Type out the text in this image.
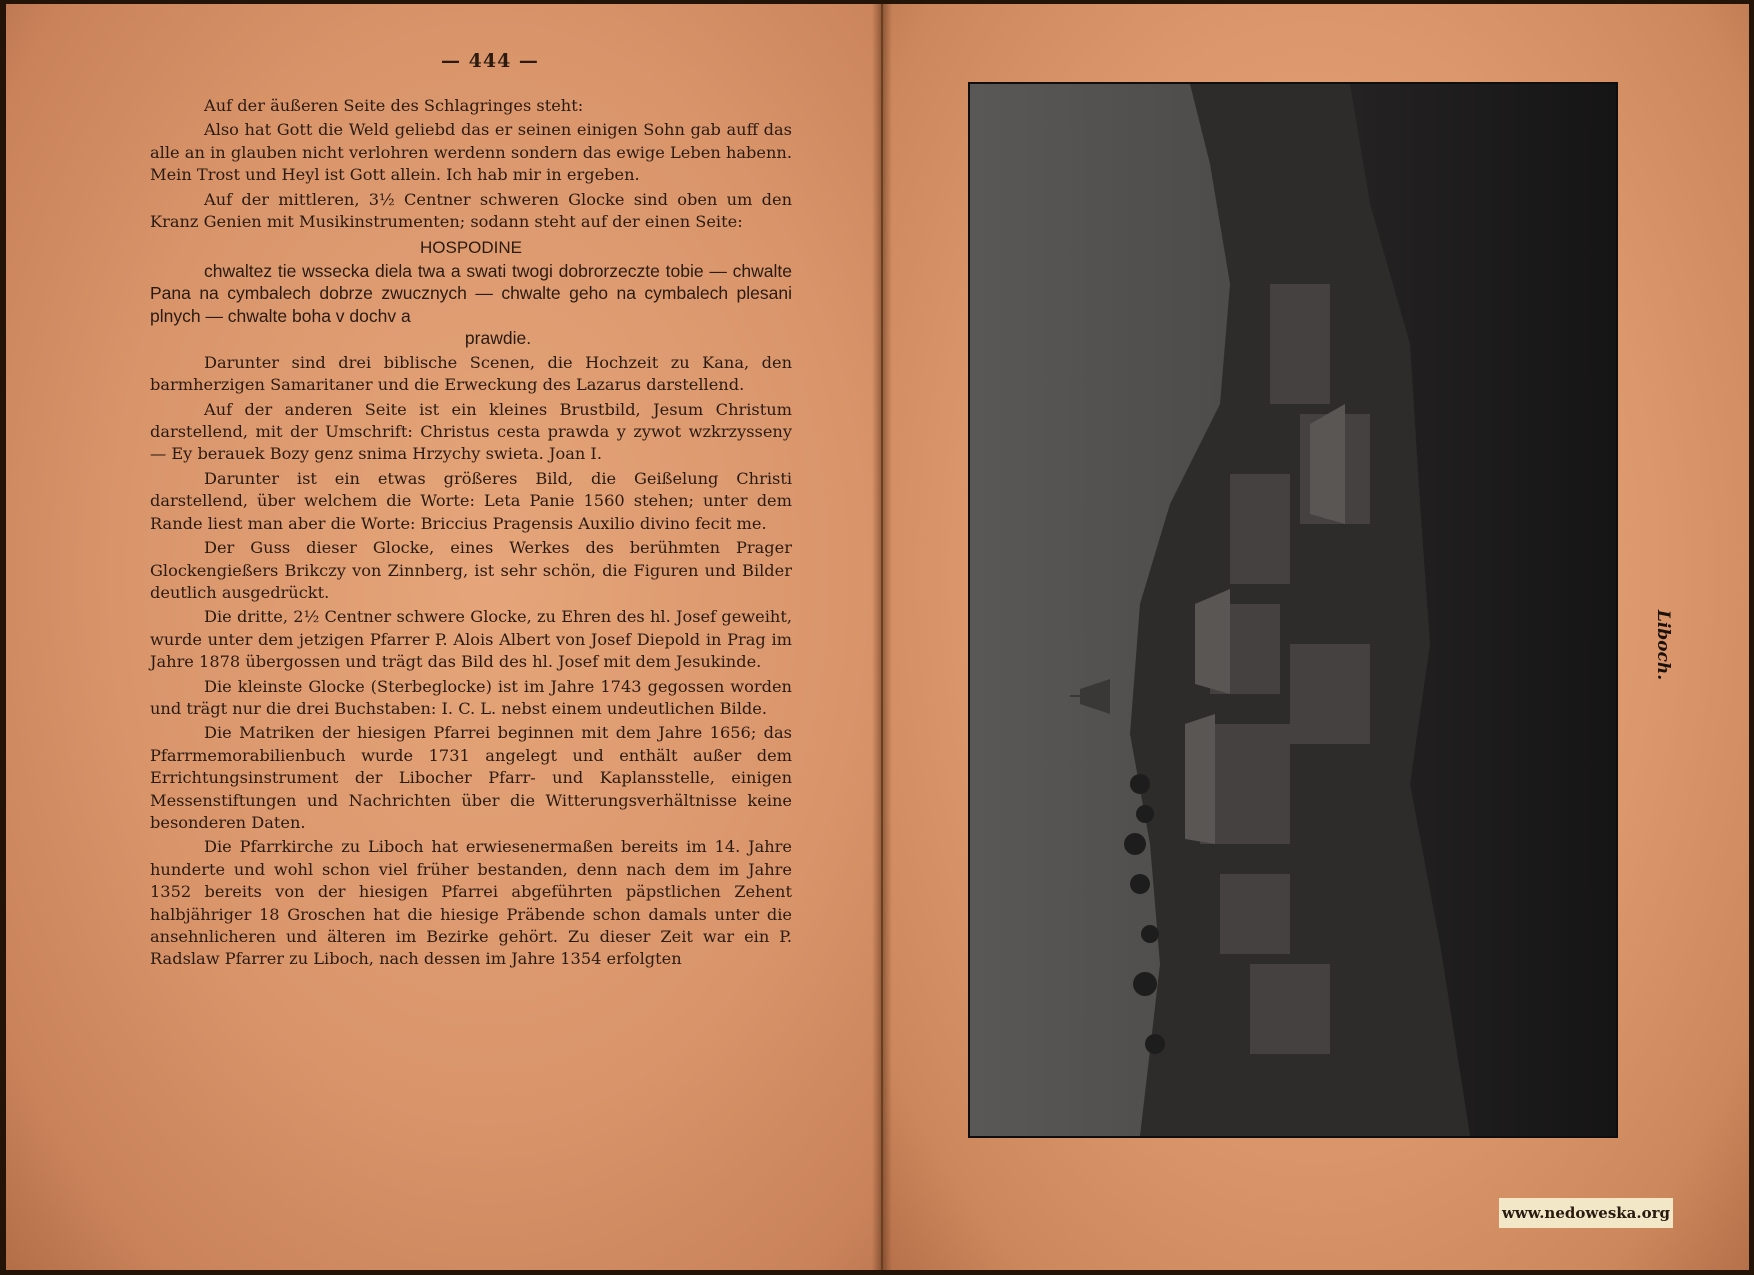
— 444 —

Auf der äußeren Seite des Schlagringes steht:

Also hat Gott die Weld geliebd das er seinen einigen Sohn gab auff das alle an in glauben nicht verlohren werdenn sondern das ewige Leben habenn. Mein Trost und Heyl ist Gott allein. Ich hab mir in ergeben.

Auf der mittleren, 3½ Centner schweren Glocke sind oben um den Kranz Genien mit Musikinstrumenten; sodann steht auf der einen Seite:

HOSPODINE

chwaltez tie wssecka diela twa a swati twogi dobrorzeczte tobie — chwalte Pana na cymbalech dobrze zwucznych — chwalte geho na cymbalech plesani plnych — chwalte boha v dochv a
prawdie.

Darunter sind drei biblische Scenen, die Hochzeit zu Kana, den barmherzigen Samaritaner und die Erweckung des Lazarus darstellend.

Auf der anderen Seite ist ein kleines Brustbild, Jesum Christum darstellend, mit der Umschrift: Christus cesta prawda y zywot wzkrzysseny — Ey berauek Bozy genz snima Hrzychy swieta. Joan I.

Darunter ist ein etwas größeres Bild, die Geißelung Christi darstellend, über welchem die Worte: Leta Panie 1560 stehen; unter dem Rande liest man aber die Worte: Briccius Pragensis Auxilio divino fecit me.

Der Guss dieser Glocke, eines Werkes des berühmten Prager Glockengießers Brikczy von Zinnberg, ist sehr schön, die Figuren und Bilder deutlich ausgedrückt.

Die dritte, 2½ Centner schwere Glocke, zu Ehren des hl. Josef geweiht, wurde unter dem jetzigen Pfarrer P. Alois Albert von Josef Diepold in Prag im Jahre 1878 übergossen und trägt das Bild des hl. Josef mit dem Jesukinde.

Die kleinste Glocke (Sterbeglocke) ist im Jahre 1743 gegossen worden und trägt nur die drei Buchstaben: I. C. L. nebst einem undeutlichen Bilde.

Die Matriken der hiesigen Pfarrei beginnen mit dem Jahre 1656; das Pfarrmemorabilienbuch wurde 1731 angelegt und enthält außer dem Errichtungsinstrument der Libocher Pfarr- und Kaplansstelle, einigen Messenstiftungen und Nachrichten über die Witterungsverhältnisse keine besonderen Daten.

Die Pfarrkirche zu Liboch hat erwiesenermaßen bereits im 14. Jahre hunderte und wohl schon viel früher bestanden, denn nach dem im Jahre 1352 bereits von der hiesigen Pfarrei abgeführten päpstlichen Zehent halbjähriger 18 Groschen hat die hiesige Präbende schon damals unter die ansehnlicheren und älteren im Bezirke gehört. Zu dieser Zeit war ein P. Radslaw Pfarrer zu Liboch, nach dessen im Jahre 1354 erfolgten

Liboch.
www.nedoweska.org
